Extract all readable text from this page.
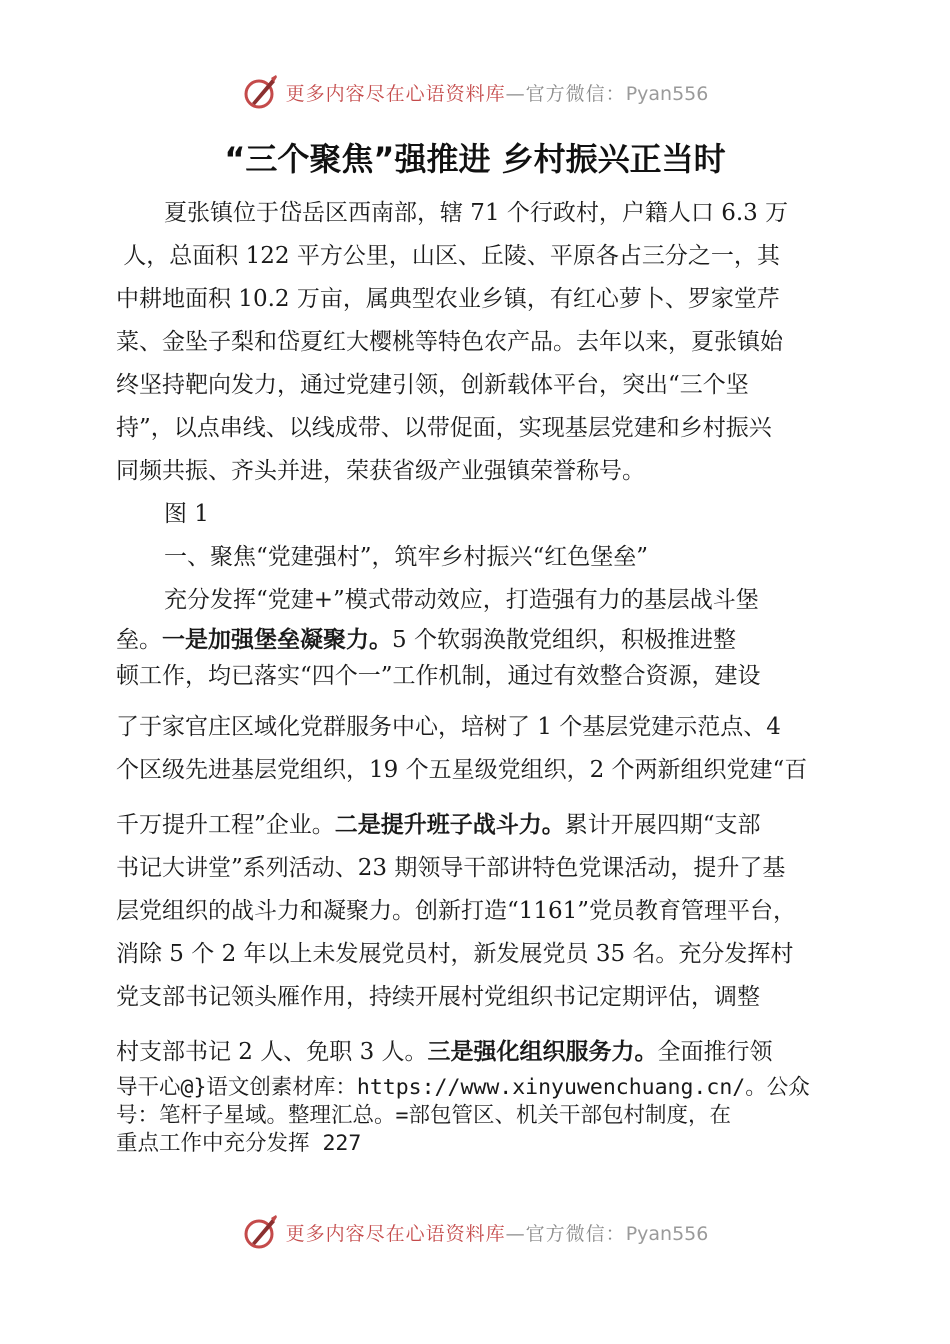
更多内容尽在心语资料库—官方微信：Pyan556
“三个聚焦”强推进 乡村振兴正当时

夏张镇位于岱岳区西南部，辖 71 个行政村，户籍人口 6.3 万

人，总面积 122 平方公里，山区、丘陵、平原各占三分之一，其

中耕地面积 10.2 万亩，属典型农业乡镇，有红心萝卜、罗家堂芹

菜、金坠子梨和岱夏红大樱桃等特色农产品。去年以来，夏张镇始

终坚持靶向发力，通过党建引领，创新载体平台，突出“三个坚

持”，以点串线、以线成带、以带促面，实现基层党建和乡村振兴

同频共振、齐头并进，荣获省级产业强镇荣誉称号。

图 1

一、聚焦“党建强村”，筑牢乡村振兴“红色堡垒”

充分发挥“党建+”模式带动效应，打造强有力的基层战斗堡

垒。一是加强堡垒凝聚力。5 个软弱涣散党组织，积极推进整

顿工作，均已落实“四个一”工作机制，通过有效整合资源，建设

了于家官庄区域化党群服务中心，培树了 1 个基层党建示范点、4

个区级先进基层党组织，19 个五星级党组织，2 个两新组织党建“百

千万提升工程”企业。二是提升班子战斗力。累计开展四期“支部

书记大讲堂”系列活动、23 期领导干部讲特色党课活动，提升了基

层党组织的战斗力和凝聚力。创新打造“1161”党员教育管理平台，

消除 5 个 2 年以上未发展党员村，新发展党员 35 名。充分发挥村

党支部书记领头雁作用，持续开展村党组织书记定期评估，调整

村支部书记 2 人、免职 3 人。三是强化组织服务力。全面推行领

导干心@}语文创素材库：https://www.xinyuwenchuang.cn/。公众

号：笔杆子星域。整理汇总。=部包管区、机关干部包村制度，在

重点工作中充分发挥 227

更多内容尽在心语资料库—官方微信：Pyan556
